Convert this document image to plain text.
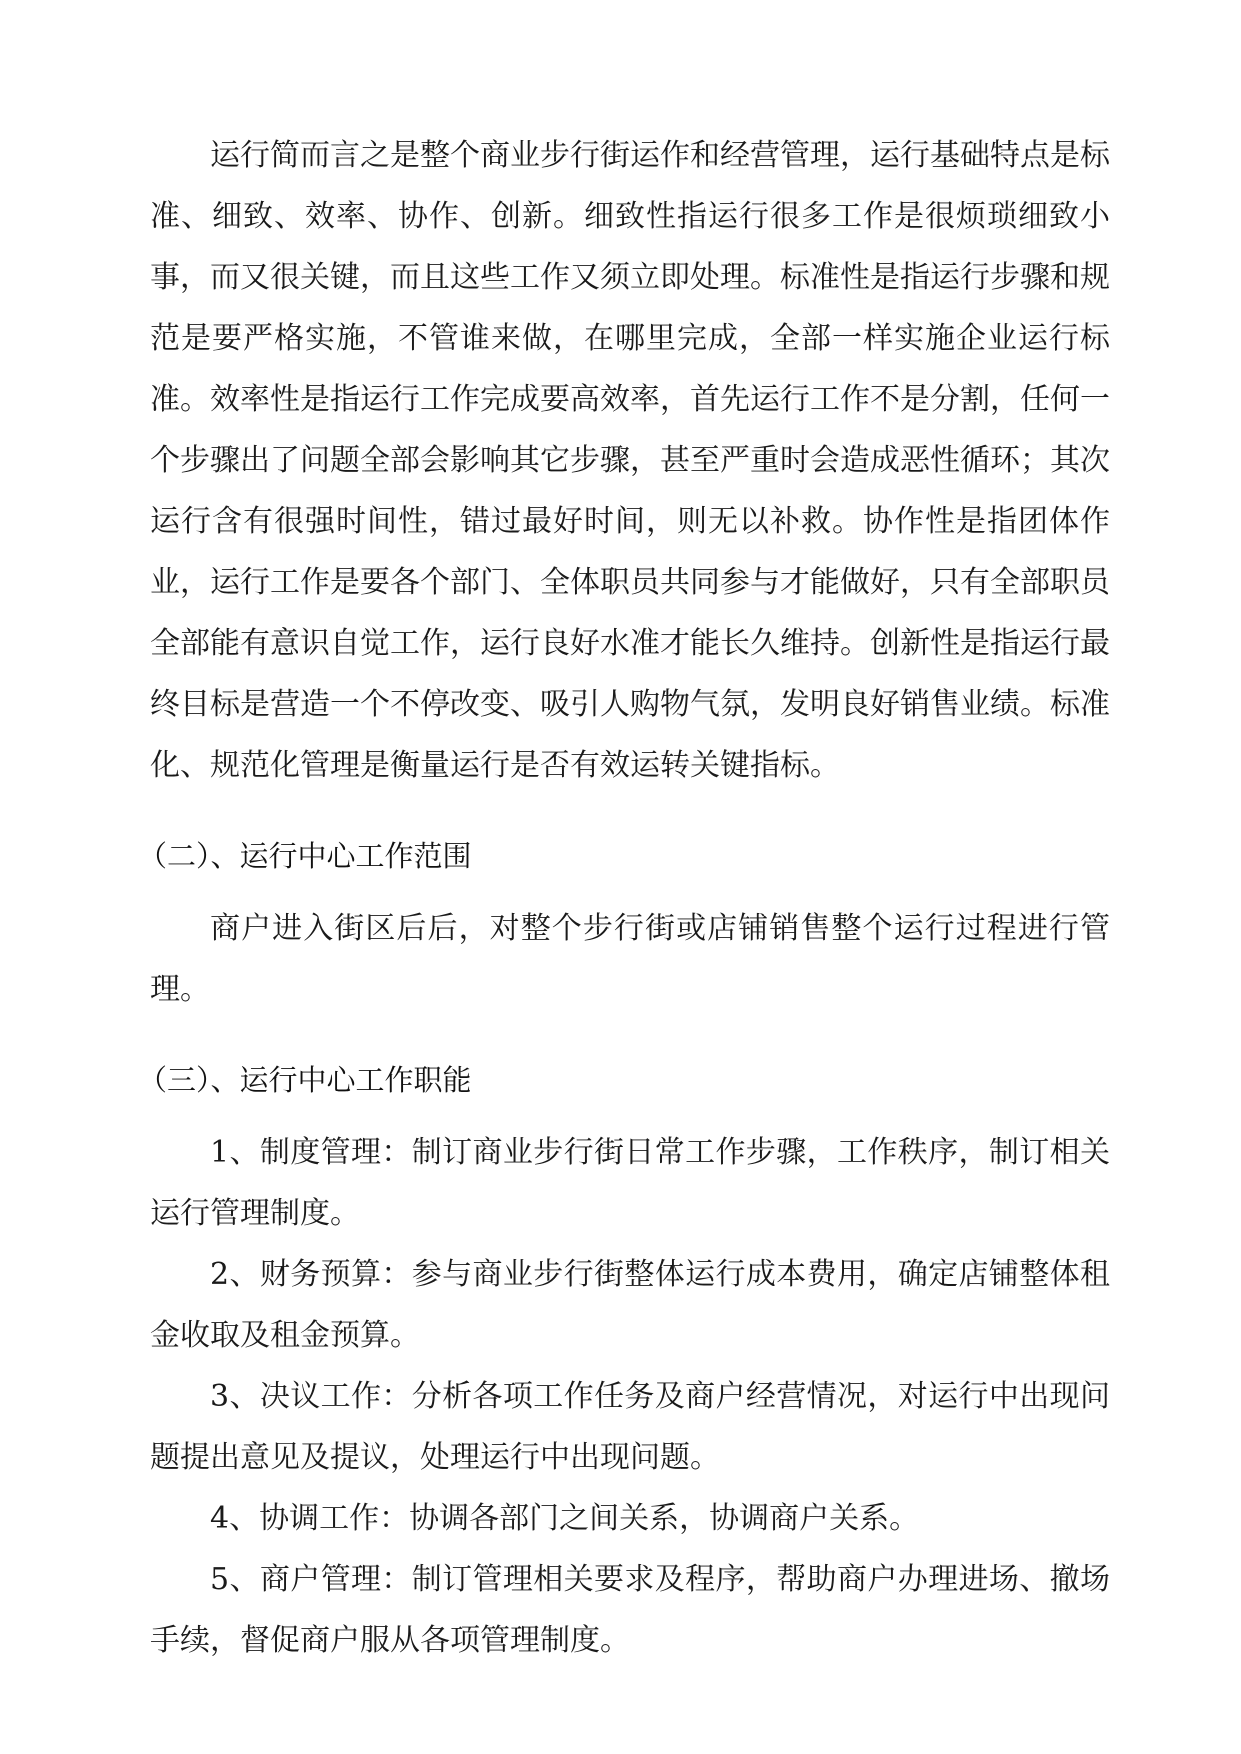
运行简而言之是整个商业步行街运作和经营管理，运行基础特点是标准、细致、效率、协作、创新。细致性指运行很多工作是很烦琐细致小事，而又很关键，而且这些工作又须立即处理。标准性是指运行步骤和规范是要严格实施，不管谁来做，在哪里完成，全部一样实施企业运行标准。效率性是指运行工作完成要高效率，首先运行工作不是分割，任何一个步骤出了问题全部会影响其它步骤，甚至严重时会造成恶性循环；其次运行含有很强时间性，错过最好时间，则无以补救。协作性是指团体作业，运行工作是要各个部门、全体职员共同参与才能做好，只有全部职员全部能有意识自觉工作，运行良好水准才能长久维持。创新性是指运行最终目标是营造一个不停改变、吸引人购物气氛，发明良好销售业绩。标准化、规范化管理是衡量运行是否有效运转关键指标。

（二）、运行中心工作范围

商户进入街区后后，对整个步行街或店铺销售整个运行过程进行管理。

（三）、运行中心工作职能

1、制度管理：制订商业步行街日常工作步骤，工作秩序，制订相关运行管理制度。

2、财务预算：参与商业步行街整体运行成本费用，确定店铺整体租金收取及租金预算。

3、决议工作：分析各项工作任务及商户经营情况，对运行中出现问题提出意见及提议，处理运行中出现问题。

4、协调工作：协调各部门之间关系，协调商户关系。

5、商户管理：制订管理相关要求及程序，帮助商户办理进场、撤场手续，督促商户服从各项管理制度。
